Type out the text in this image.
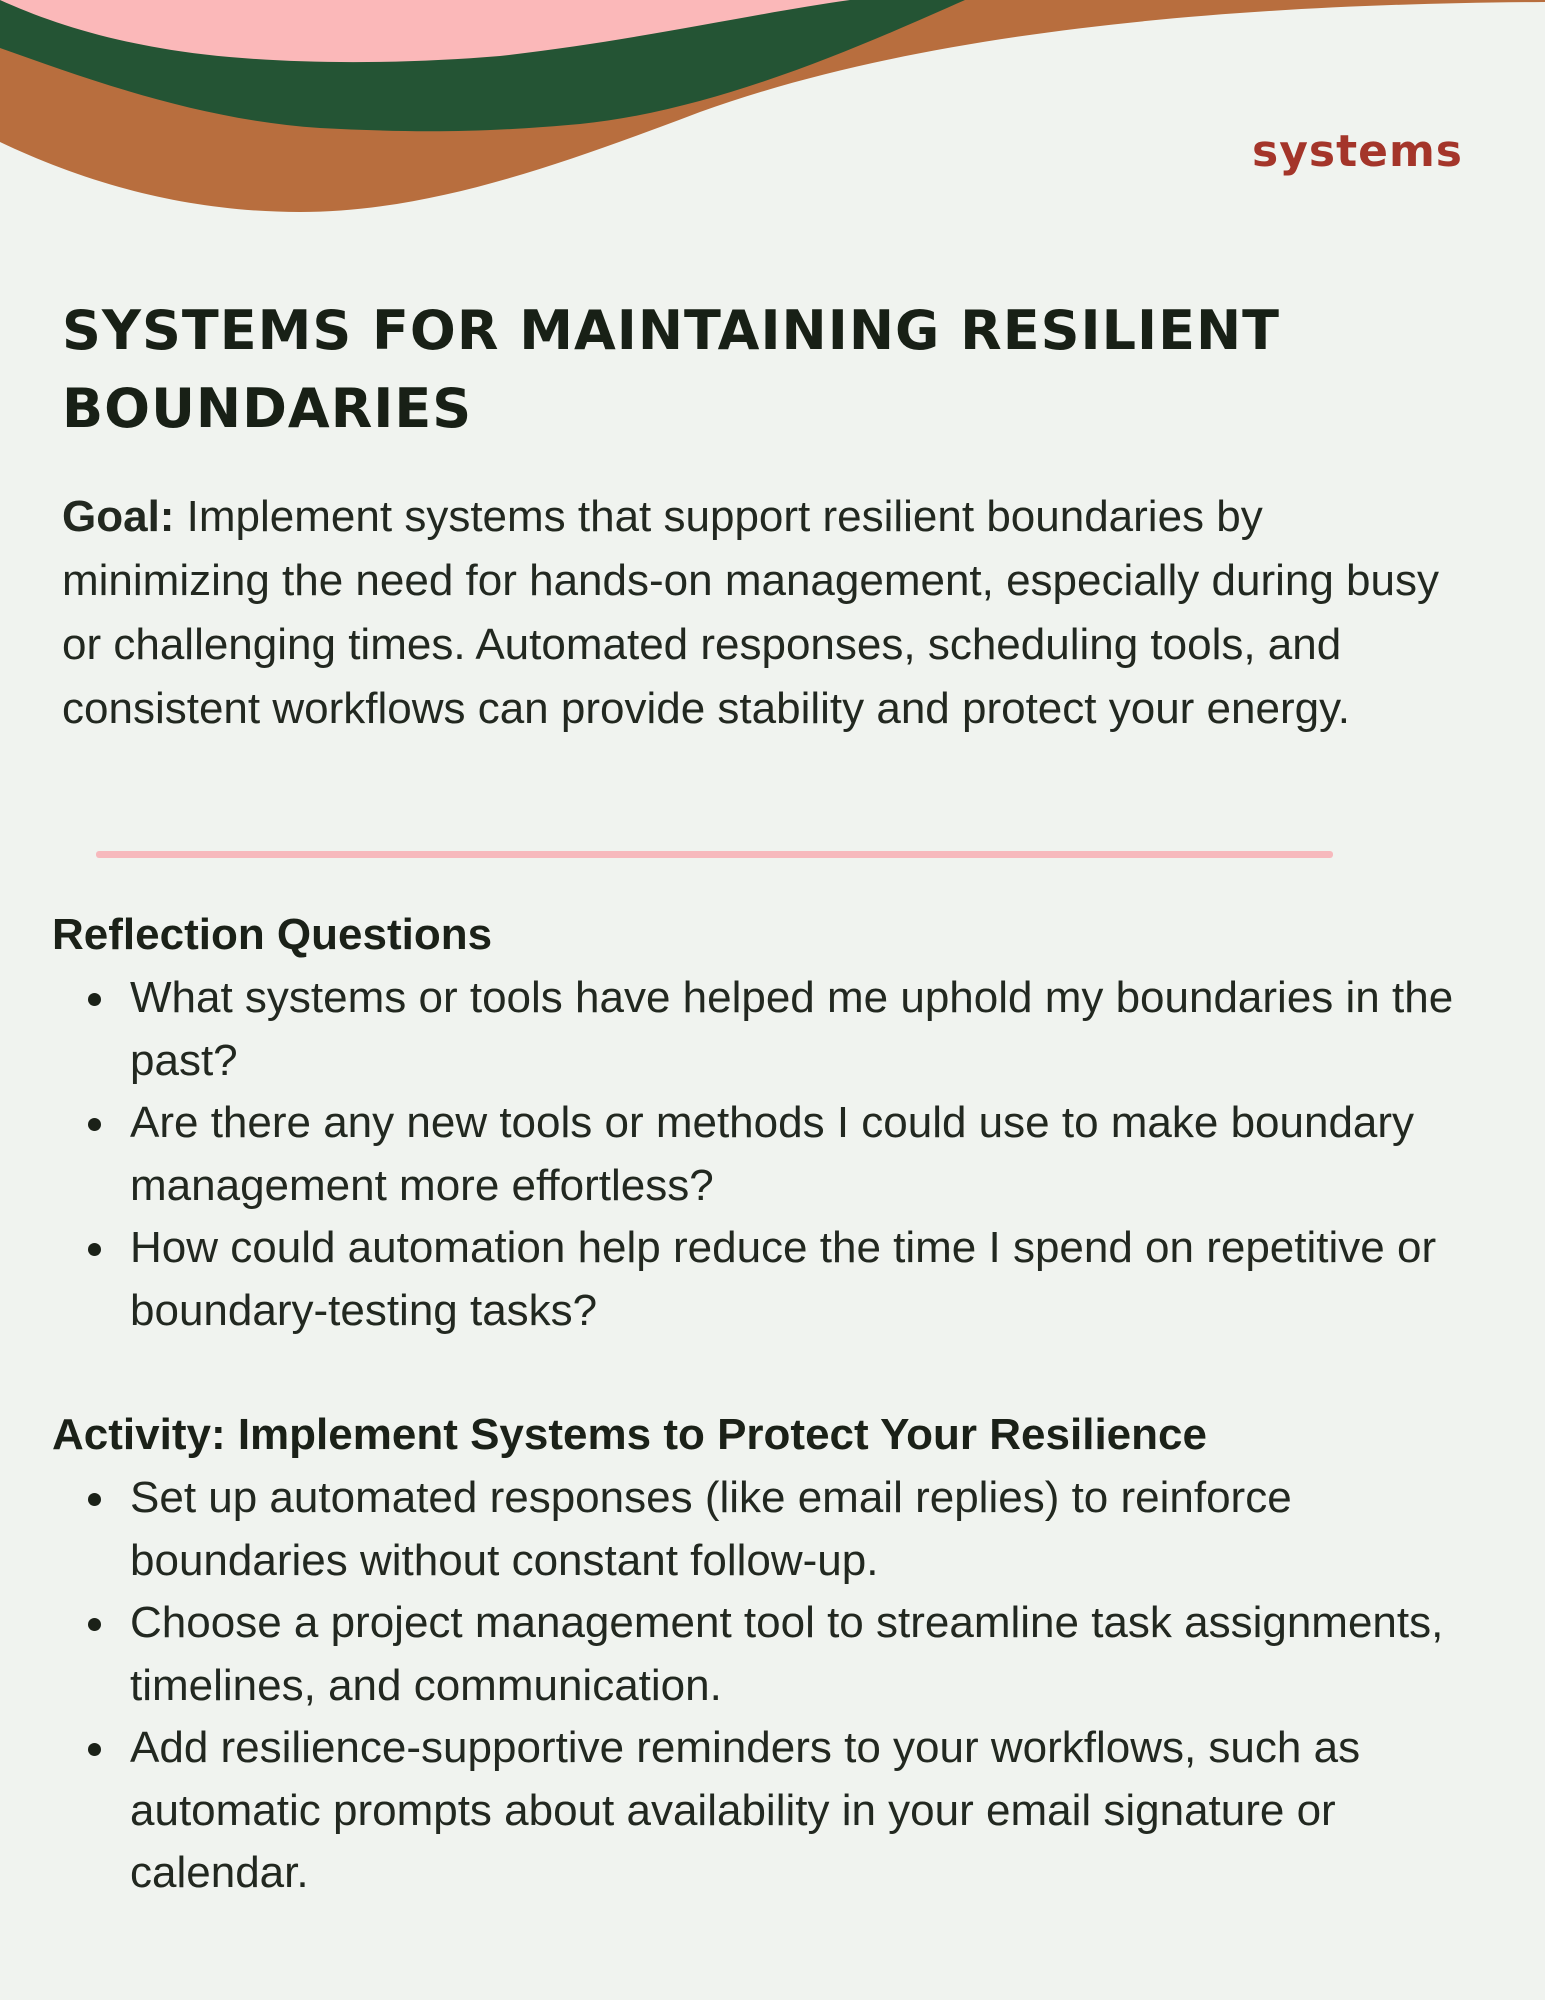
systems
SYSTEMS FOR MAINTAINING RESILIENT BOUNDARIES

Goal: Implement systems that support resilient boundaries by minimizing the need for hands-on management, especially during busy or challenging times. Automated responses, scheduling tools, and consistent workflows can provide stability and protect your energy.

Reflection Questions
What systems or tools have helped me uphold my boundaries in the past?
Are there any new tools or methods I could use to make boundary management more effortless?
How could automation help reduce the time I spend on repetitive or boundary-testing tasks?
Activity: Implement Systems to Protect Your Resilience
Set up automated responses (like email replies) to reinforce boundaries without constant follow-up.
Choose a project management tool to streamline task assignments, timelines, and communication.
Add resilience-supportive reminders to your workflows, such as automatic prompts about availability in your email signature or calendar.
